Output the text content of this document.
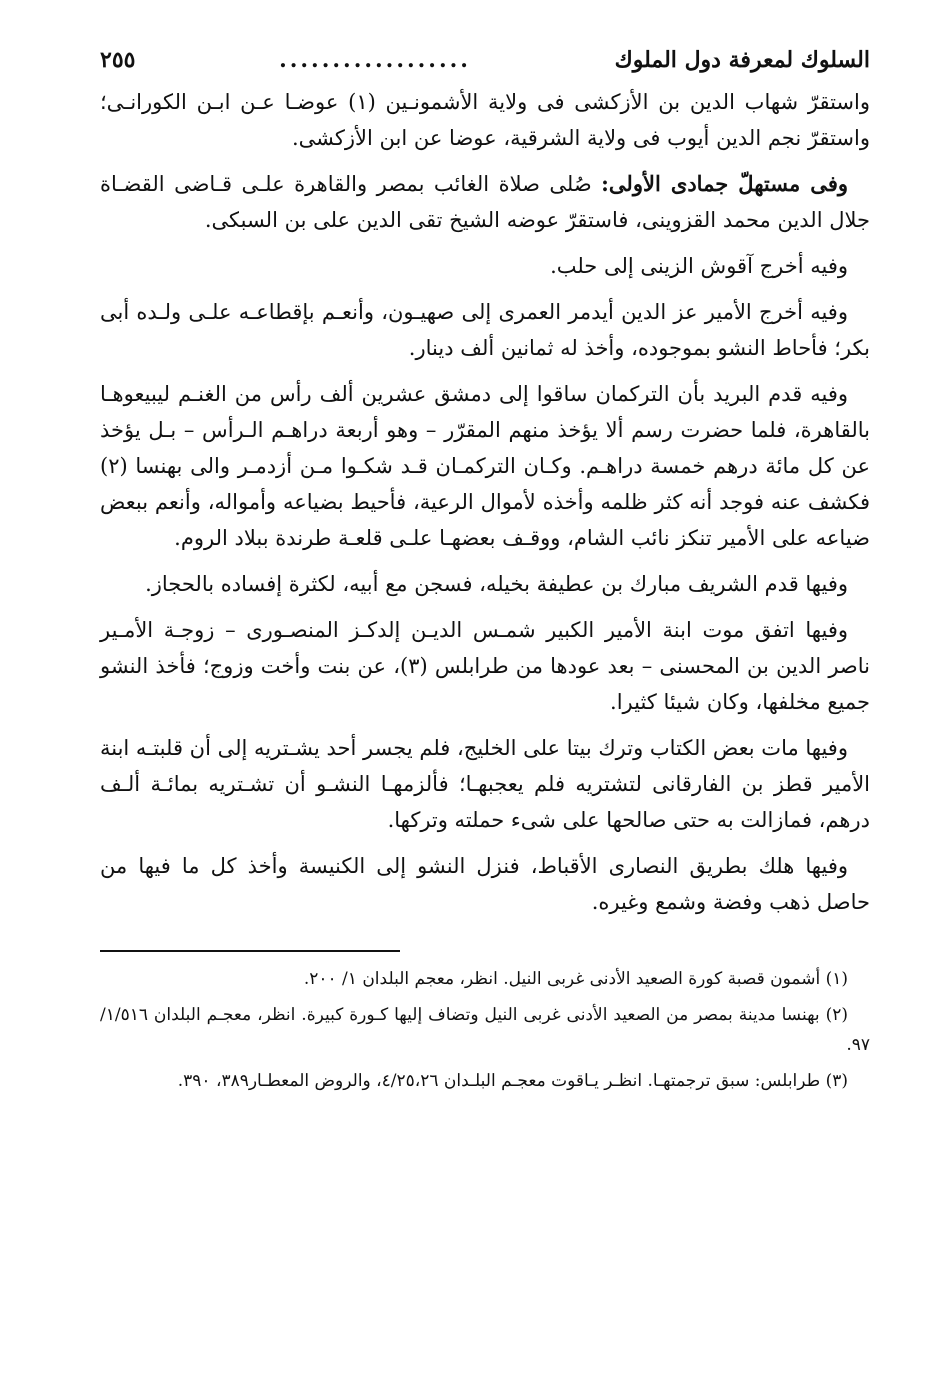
السلوك لمعرفة دول الملوك
..................
٢٥٥

واستقرّ شهاب الدين بن الأزكشى فى ولاية الأشمونـين (١) عوضـا عـن ابـن الكورانـى؛ واستقرّ نجم الدين أيوب فى ولاية الشرقية، عوضا عن ابن الأزكشى.

وفى مستهلّ جمادى الأولى: صُلى صلاة الغائب بمصر والقاهرة علـى قـاضى القضـاة جلال الدين محمد القزوينى، فاستقرّ عوضه الشيخ تقى الدين على بن السبكى.

وفيه أخرج آقوش الزينى إلى حلب.

وفيه أخرج الأمير عز الدين أيدمر العمرى إلى صهيـون، وأنعـم بإقطاعـه علـى ولـده أبى بكر؛ فأحاط النشو بموجوده، وأخذ له ثمانين ألف دينار.

وفيه قدم البريد بأن التركمان ساقوا إلى دمشق عشرين ألف رأس من الغنـم ليبيعوهـا بالقاهرة، فلما حضرت رسم ألا يؤخذ منهم المقرّر – وهو أربعة دراهـم الـرأس – بـل يؤخذ عن كل مائة درهم خمسة دراهـم. وكـان التركمـان قـد شكـوا مـن أزدمـر والى بهنسا (٢) فكشف عنه فوجد أنه كثر ظلمه وأخذه لأموال الرعية، فأحيط بضياعه وأمواله، وأنعم ببعض ضياعه على الأمير تنكز نائب الشام، ووقـف بعضهـا علـى قلعـة طرندة ببلاد الروم.

وفيها قدم الشريف مبارك بن عطيفة بخيله، فسجن مع أبيه، لكثرة إفساده بالحجاز.

وفيها اتفق موت ابنة الأمير الكبير شمـس الديـن إلدكـز المنصـورى – زوجـة الأمـير ناصر الدين بن المحسنى – بعد عودها من طرابلس (٣)، عن بنت وأخت وزوج؛ فأخذ النشو جميع مخلفها، وكان شيئا كثيرا.

وفيها مات بعض الكتاب وترك بيتا على الخليج، فلم يجسر أحد يشـتريه إلى أن قلبتـه ابنة الأمير قطز بن الفارقانى لتشتريه فلم يعجبهـا؛ فألزمهـا النشـو أن تشـتريه بمائـة ألـف درهم، فمازالت به حتى صالحها على شىء حملته وتركها.

وفيها هلك بطريق النصارى الأقباط، فنزل النشو إلى الكنيسة وأخذ كل ما فيها من حاصل ذهب وفضة وشمع وغيره.

(١) أشمون قصبة كورة الصعيد الأدنى غربى النيل. انظر، معجم البلدان ١/ ٢٠٠.

(٢) بهنسا مدينة بمصر من الصعيد الأدنى غربى النيل وتضاف إليها كـورة كبيرة. انظر، معجـم البلدان ١/٥١٦/ ٩٧.

(٣) طرابلس: سبق ترجمتهـا. انظـر يـاقوت معجـم البلـدان ٤/٢٥،٢٦، والروض المعطـار٣٨٩، ٣٩٠.
